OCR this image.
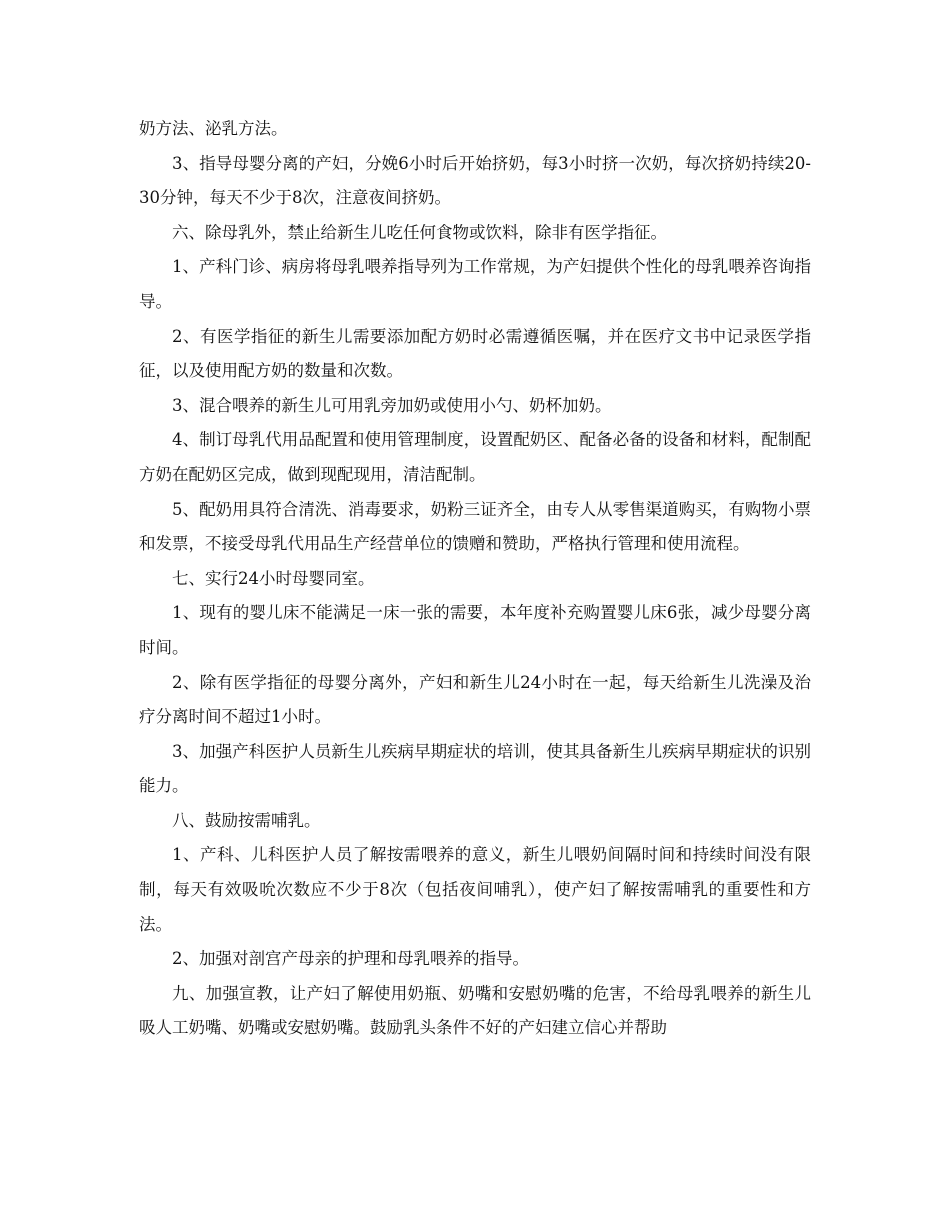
奶方法、泌乳方法。

3、指导母婴分离的产妇，分娩6小时后开始挤奶，每3小时挤一次奶，每次挤奶持续20-30分钟，每天不少于8次，注意夜间挤奶。

六、除母乳外，禁止给新生儿吃任何食物或饮料，除非有医学指征。

1、产科门诊、病房将母乳喂养指导列为工作常规，为产妇提供个性化的母乳喂养咨询指导。

2、有医学指征的新生儿需要添加配方奶时必需遵循医嘱，并在医疗文书中记录医学指征，以及使用配方奶的数量和次数。

3、混合喂养的新生儿可用乳旁加奶或使用小勺、奶杯加奶。

4、制订母乳代用品配置和使用管理制度，设置配奶区、配备必备的设备和材料，配制配方奶在配奶区完成，做到现配现用，清洁配制。

5、配奶用具符合清洗、消毒要求，奶粉三证齐全，由专人从零售渠道购买，有购物小票和发票，不接受母乳代用品生产经营单位的馈赠和赞助，严格执行管理和使用流程。

七、实行24小时母婴同室。

1、现有的婴儿床不能满足一床一张的需要，本年度补充购置婴儿床6张，减少母婴分离时间。

2、除有医学指征的母婴分离外，产妇和新生儿24小时在一起，每天给新生儿洗澡及治疗分离时间不超过1小时。

3、加强产科医护人员新生儿疾病早期症状的培训，使其具备新生儿疾病早期症状的识别能力。

八、鼓励按需哺乳。

1、产科、儿科医护人员了解按需喂养的意义，新生儿喂奶间隔时间和持续时间没有限制，每天有效吸吮次数应不少于8次（包括夜间哺乳），使产妇了解按需哺乳的重要性和方法。

2、加强对剖宫产母亲的护理和母乳喂养的指导。

九、加强宣教，让产妇了解使用奶瓶、奶嘴和安慰奶嘴的危害，不给母乳喂养的新生儿吸人工奶嘴、奶嘴或安慰奶嘴。鼓励乳头条件不好的产妇建立信心并帮助
